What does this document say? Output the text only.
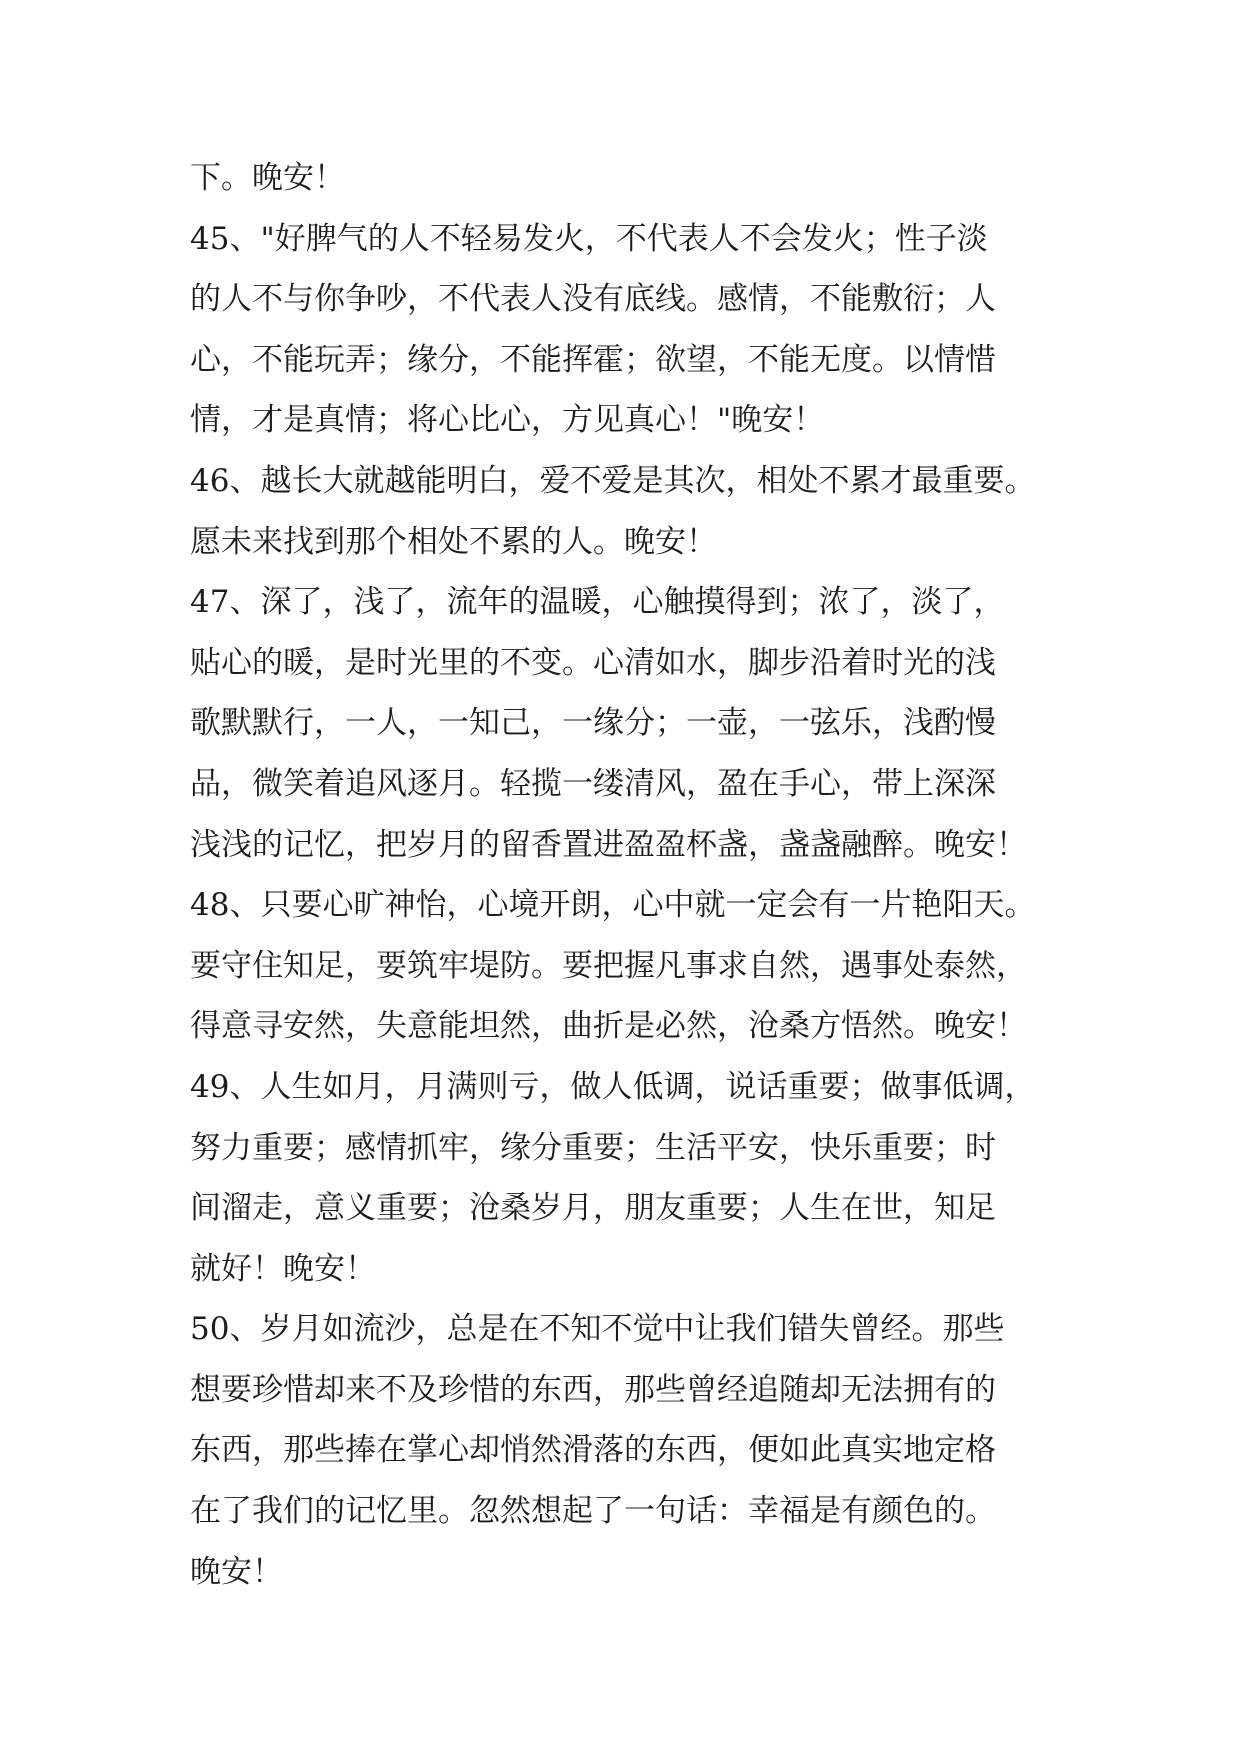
下。晚安！
45、"好脾气的人不轻易发火，不代表人不会发火；性子淡
的人不与你争吵，不代表人没有底线。感情，不能敷衍；人
心，不能玩弄；缘分，不能挥霍；欲望，不能无度。以情惜
情，才是真情；将心比心，方见真心！"晚安！
46、越长大就越能明白，爱不爱是其次，相处不累才最重要。
愿未来找到那个相处不累的人。晚安！
47、深了，浅了，流年的温暖，心触摸得到；浓了，淡了，
贴心的暖，是时光里的不变。心清如水，脚步沿着时光的浅
歌默默行，一人，一知己，一缘分；一壶，一弦乐，浅酌慢
品，微笑着追风逐月。轻揽一缕清风，盈在手心，带上深深
浅浅的记忆，把岁月的留香置进盈盈杯盏，盏盏融醉。晚安！
48、只要心旷神怡，心境开朗，心中就一定会有一片艳阳天。
要守住知足，要筑牢堤防。要把握凡事求自然，遇事处泰然，
得意寻安然，失意能坦然，曲折是必然，沧桑方悟然。晚安！
49、人生如月，月满则亏，做人低调，说话重要；做事低调，
努力重要；感情抓牢，缘分重要；生活平安，快乐重要；时
间溜走，意义重要；沧桑岁月，朋友重要；人生在世，知足
就好！晚安！
50、岁月如流沙，总是在不知不觉中让我们错失曾经。那些
想要珍惜却来不及珍惜的东西，那些曾经追随却无法拥有的
东西，那些捧在掌心却悄然滑落的东西，便如此真实地定格
在了我们的记忆里。忽然想起了一句话：幸福是有颜色的。
晚安！
